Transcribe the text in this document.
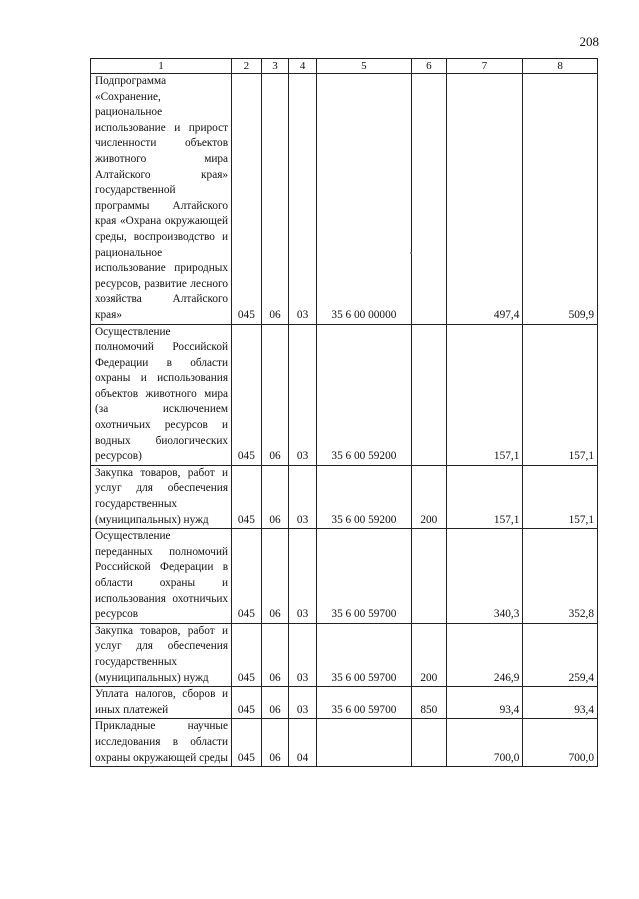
208
1	2	3	4	5	6	7	8
Подпрограмма «Сохранение, рациональное использование и прирост численности объектов животного мира Алтайского края» государственной программы Алтайского края «Охрана окружающей среды, воспроизводство и рациональное использование природных ресурсов, развитие лесного хозяйства Алтайского края»	045	06	03	35 6 00 00000		497,4	509,9
Осуществление полномочий Российской Федерации в области охраны и использования объектов животного мира (за исключением охотничьих ресурсов и водных биологических ресурсов)	045	06	03	35 6 00 59200		157,1	157,1
Закупка товаров, работ и услуг для обеспечения государственных (муниципальных) нужд	045	06	03	35 6 00 59200	200	157,1	157,1
Осуществление переданных полномочий Российской Федерации в области охраны и использования охотничьих ресурсов	045	06	03	35 6 00 59700		340,3	352,8
Закупка товаров, работ и услуг для обеспечения государственных (муниципальных) нужд	045	06	03	35 6 00 59700	200	246,9	259,4
Уплата налогов, сборов и иных платежей	045	06	03	35 6 00 59700	850	93,4	93,4
Прикладные научные исследования в области охраны окружающей среды	045	06	04			700,0	700,0
